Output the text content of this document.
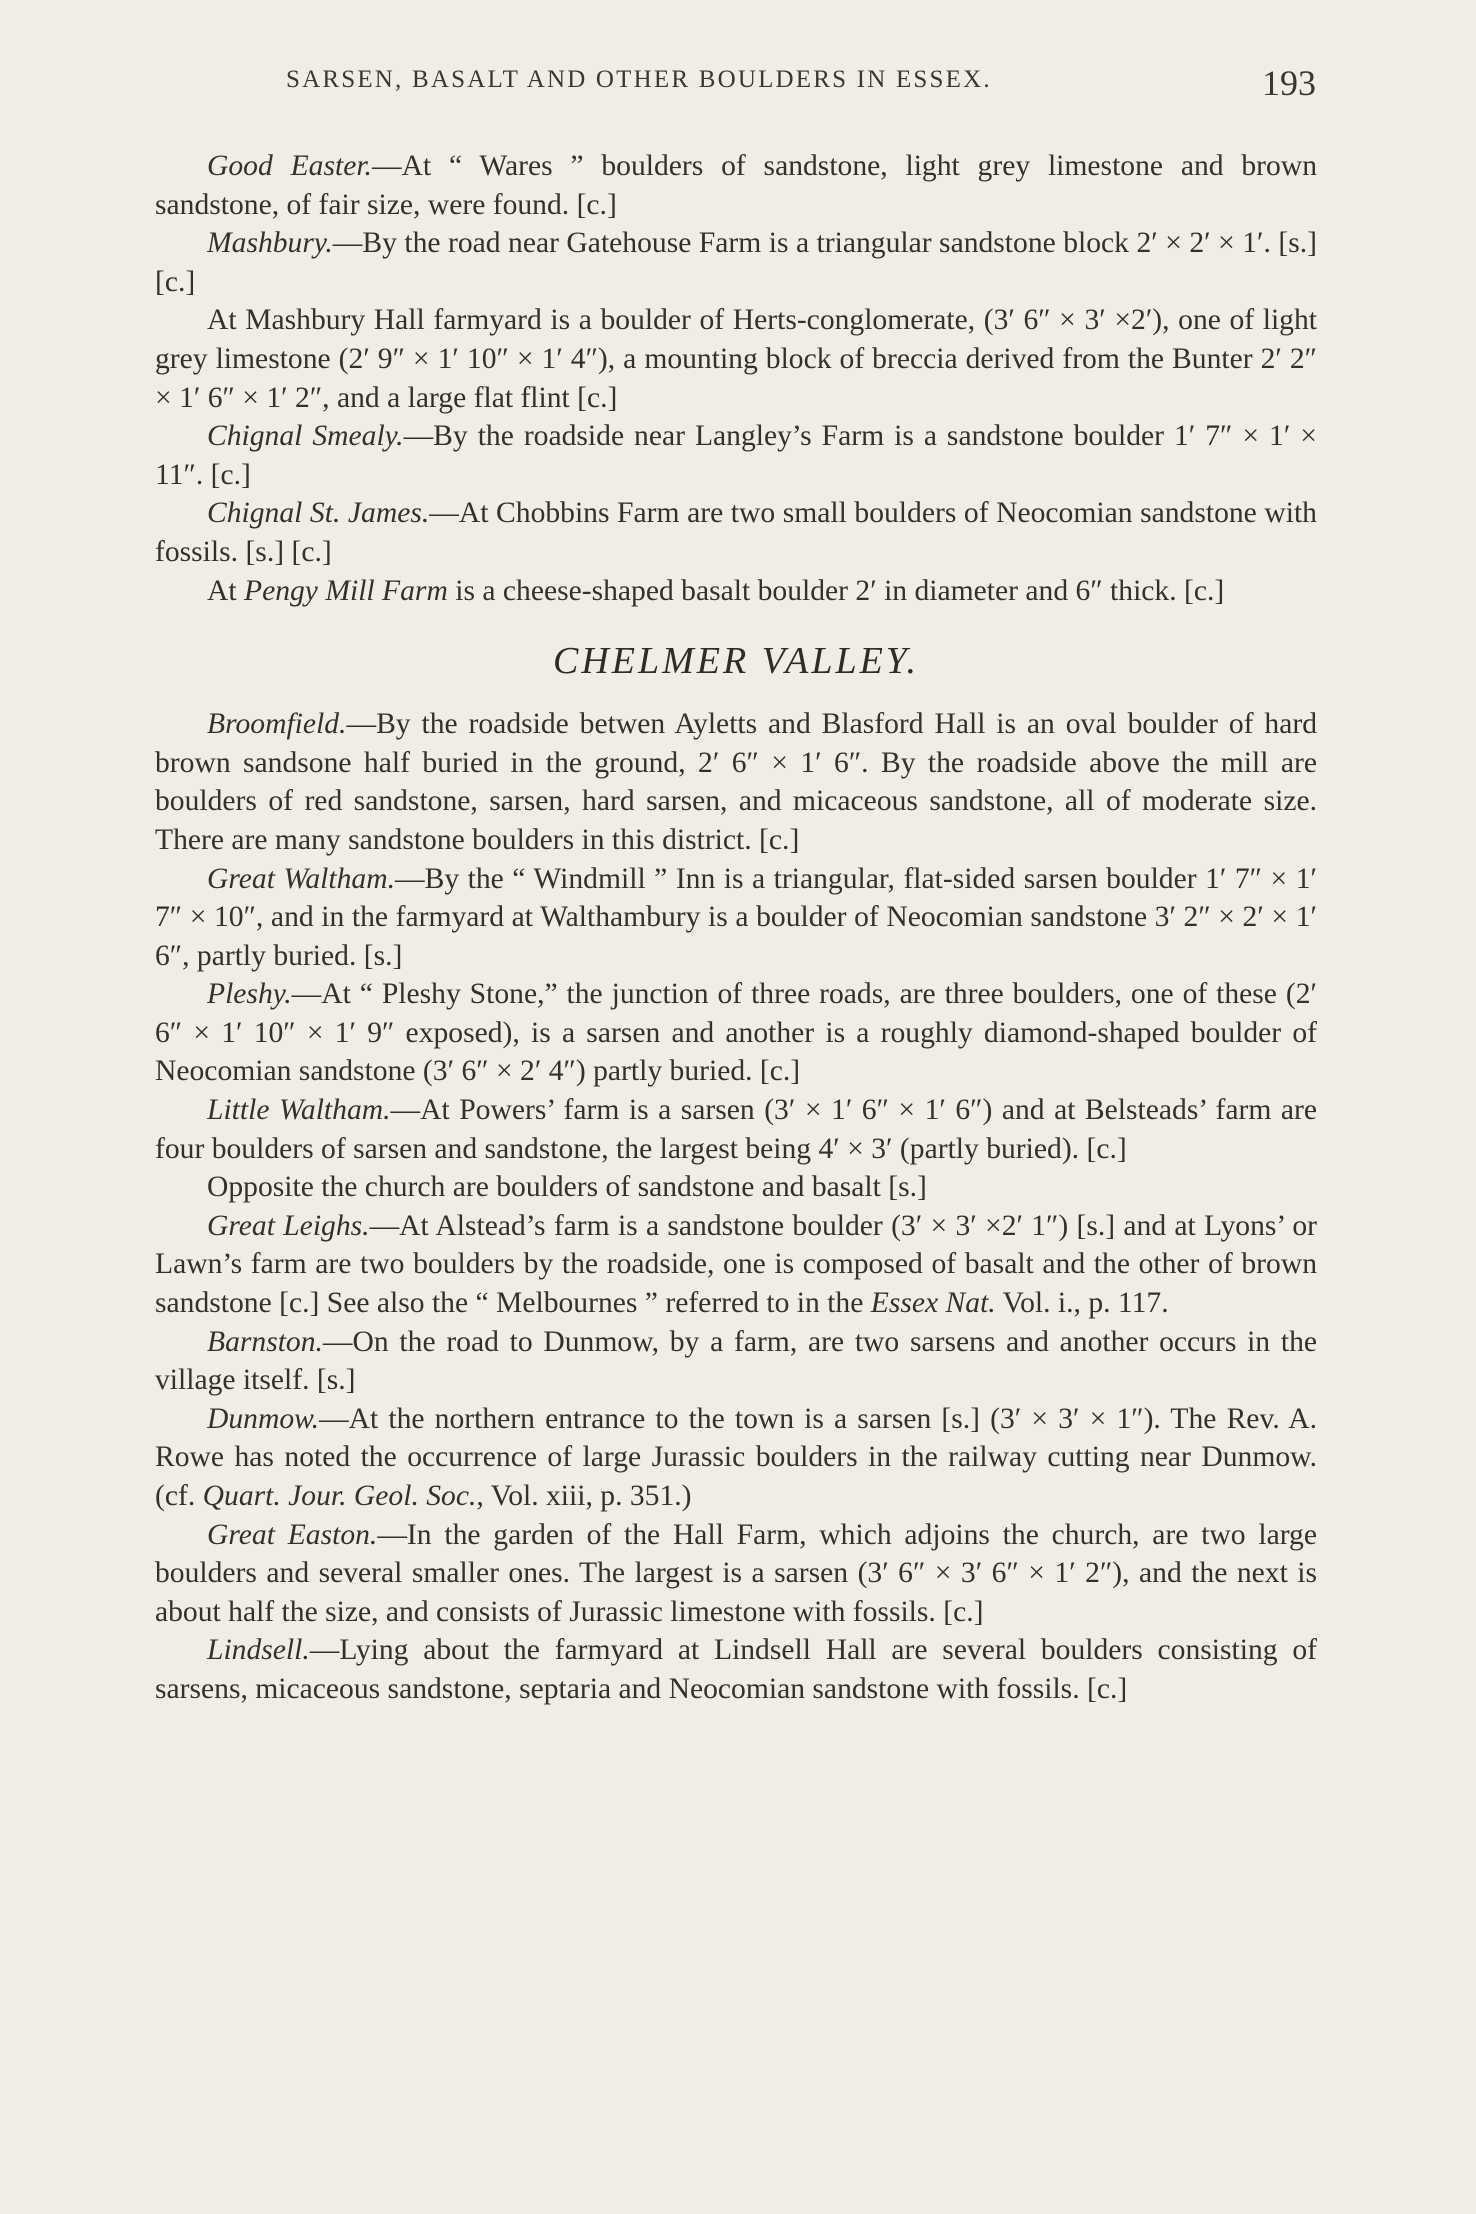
SARSEN, BASALT AND OTHER BOULDERS IN ESSEX.	193

Good Easter.—At “ Wares ” boulders of sandstone, light grey limestone and brown sandstone, of fair size, were found. [c.]

Mashbury.—By the road near Gatehouse Farm is a triangular sandstone block 2′ × 2′ × 1′. [s.] [c.]

At Mashbury Hall farmyard is a boulder of Herts-conglomerate, (3′ 6″ × 3′ ×2′), one of light grey limestone (2′ 9″ × 1′ 10″ × 1′ 4″), a mounting block of breccia derived from the Bunter 2′ 2″ × 1′ 6″ × 1′ 2″, and a large flat flint [c.]

Chignal Smealy.—By the roadside near Langley’s Farm is a sandstone boulder 1′ 7″ × 1′ × 11″. [c.]

Chignal St. James.—At Chobbins Farm are two small boulders of Neocomian sandstone with fossils. [s.] [c.]

At Pengy Mill Farm is a cheese-shaped basalt boulder 2′ in diameter and 6″ thick. [c.]

CHELMER VALLEY.

Broomfield.—By the roadside betwen Ayletts and Blasford Hall is an oval boulder of hard brown sandsone half buried in the ground, 2′ 6″ × 1′ 6″. By the roadside above the mill are boulders of red sandstone, sarsen, hard sarsen, and micaceous sandstone, all of moderate size. There are many sandstone boulders in this district. [c.]

Great Waltham.—By the “ Windmill ” Inn is a triangular, flat-sided sarsen boulder 1′ 7″ × 1′ 7″ × 10″, and in the farmyard at Walthambury is a boulder of Neocomian sandstone 3′ 2″ × 2′ × 1′ 6″, partly buried. [s.]

Pleshy.—At “ Pleshy Stone,” the junction of three roads, are three boulders, one of these (2′ 6″ × 1′ 10″ × 1′ 9″ exposed), is a sarsen and another is a roughly diamond-shaped boulder of Neocomian sandstone (3′ 6″ × 2′ 4″) partly buried. [c.]

Little Waltham.—At Powers’ farm is a sarsen (3′ × 1′ 6″ × 1′ 6″) and at Belsteads’ farm are four boulders of sarsen and sandstone, the largest being 4′ × 3′ (partly buried). [c.]

Opposite the church are boulders of sandstone and basalt [s.]

Great Leighs.—At Alstead’s farm is a sandstone boulder (3′ × 3′ ×2′ 1″) [s.] and at Lyons’ or Lawn’s farm are two boulders by the roadside, one is composed of basalt and the other of brown sandstone [c.] See also the “ Melbournes ” referred to in the Essex Nat. Vol. i., p. 117.

Barnston.—On the road to Dunmow, by a farm, are two sarsens and another occurs in the village itself. [s.]

Dunmow.—At the northern entrance to the town is a sarsen [s.] (3′ × 3′ × 1″). The Rev. A. Rowe has noted the occurrence of large Jurassic boulders in the railway cutting near Dunmow. (cf. Quart. Jour. Geol. Soc., Vol. xiii, p. 351.)

Great Easton.—In the garden of the Hall Farm, which adjoins the church, are two large boulders and several smaller ones. The largest is a sarsen (3′ 6″ × 3′ 6″ × 1′ 2″), and the next is about half the size, and consists of Jurassic limestone with fossils. [c.]

Lindsell.—Lying about the farmyard at Lindsell Hall are several boulders consisting of sarsens, micaceous sandstone, septaria and Neocomian sandstone with fossils. [c.]
